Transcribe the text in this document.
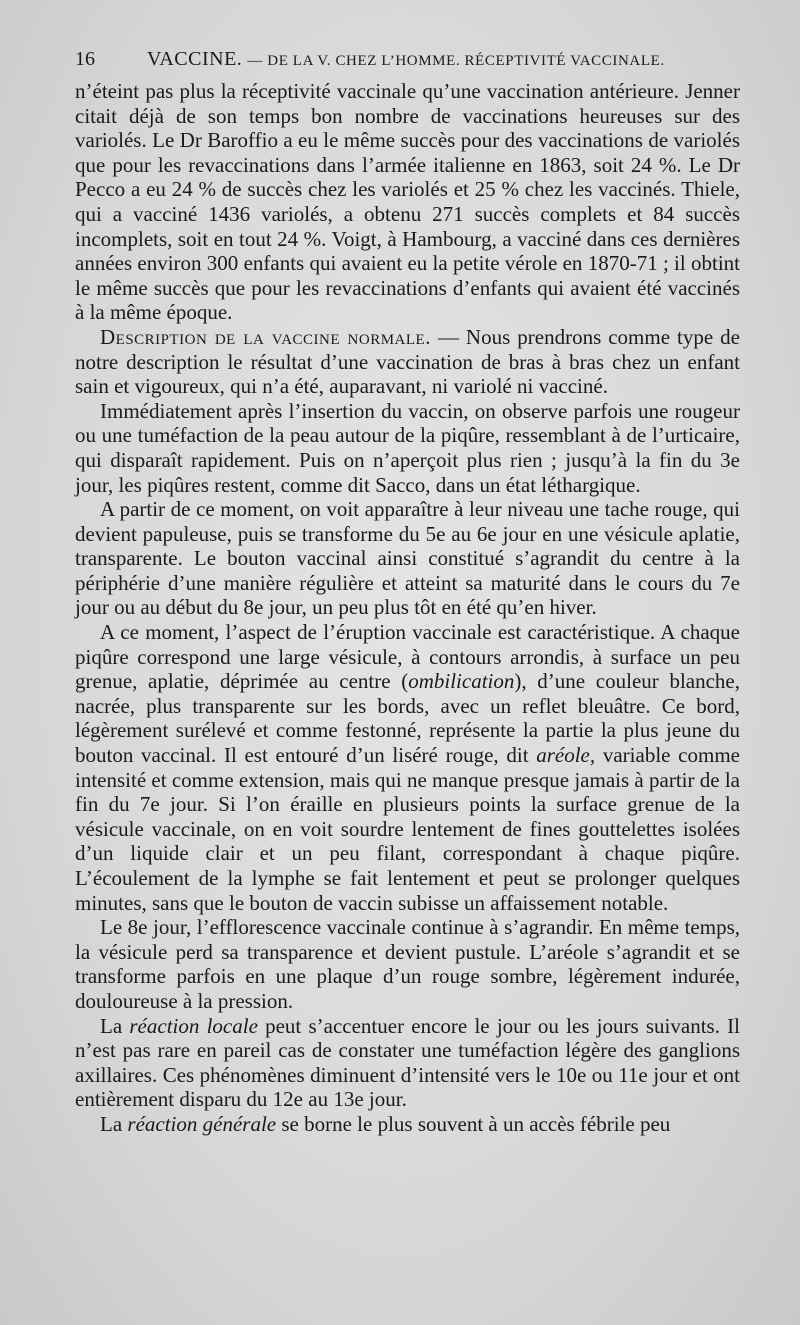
16	VACCINE. — DE LA V. CHEZ L’HOMME. RÉCEPTIVITÉ VACCINALE.

n’éteint pas plus la réceptivité vaccinale qu’une vaccination antérieure. Jenner citait déjà de son temps bon nombre de vaccinations heureuses sur des variolés. Le Dr Baroffio a eu le même succès pour des vaccinations de variolés que pour les revaccinations dans l’armée italienne en 1863, soit 24 %. Le Dr Pecco a eu 24 % de succès chez les variolés et 25 % chez les vaccinés. Thiele, qui a vacciné 1436 variolés, a obtenu 271 succès complets et 84 succès incomplets, soit en tout 24 %. Voigt, à Hambourg, a vacciné dans ces dernières années environ 300 enfants qui avaient eu la petite vérole en 1870-71 ; il obtint le même succès que pour les revaccinations d’enfants qui avaient été vaccinés à la même époque.

Description de la vaccine normale. — Nous prendrons comme type de notre description le résultat d’une vaccination de bras à bras chez un enfant sain et vigoureux, qui n’a été, auparavant, ni variolé ni vacciné.

Immédiatement après l’insertion du vaccin, on observe parfois une rougeur ou une tuméfaction de la peau autour de la piqûre, ressemblant à de l’urticaire, qui disparaît rapidement. Puis on n’aperçoit plus rien ; jusqu’à la fin du 3e jour, les piqûres restent, comme dit Sacco, dans un état léthargique.

A partir de ce moment, on voit apparaître à leur niveau une tache rouge, qui devient papuleuse, puis se transforme du 5e au 6e jour en une vésicule aplatie, transparente. Le bouton vaccinal ainsi constitué s’agrandit du centre à la périphérie d’une manière régulière et atteint sa maturité dans le cours du 7e jour ou au début du 8e jour, un peu plus tôt en été qu’en hiver.

A ce moment, l’aspect de l’éruption vaccinale est caractéristique. A chaque piqûre correspond une large vésicule, à contours arrondis, à surface un peu grenue, aplatie, déprimée au centre (ombilication), d’une couleur blanche, nacrée, plus transparente sur les bords, avec un reflet bleuâtre. Ce bord, légèrement surélevé et comme festonné, représente la partie la plus jeune du bouton vaccinal. Il est entouré d’un liséré rouge, dit aréole, variable comme intensité et comme extension, mais qui ne manque presque jamais à partir de la fin du 7e jour. Si l’on éraille en plusieurs points la surface grenue de la vésicule vaccinale, on en voit sourdre lentement de fines gouttelettes isolées d’un liquide clair et un peu filant, correspondant à chaque piqûre. L’écoulement de la lymphe se fait lentement et peut se prolonger quelques minutes, sans que le bouton de vaccin subisse un affaissement notable.

Le 8e jour, l’efflorescence vaccinale continue à s’agrandir. En même temps, la vésicule perd sa transparence et devient pustule. L’aréole s’agrandit et se transforme parfois en une plaque d’un rouge sombre, légèrement indurée, douloureuse à la pression.

La réaction locale peut s’accentuer encore le jour ou les jours suivants. Il n’est pas rare en pareil cas de constater une tuméfaction légère des ganglions axillaires. Ces phénomènes diminuent d’intensité vers le 10e ou 11e jour et ont entièrement disparu du 12e au 13e jour.

La réaction générale se borne le plus souvent à un accès fébrile peu
